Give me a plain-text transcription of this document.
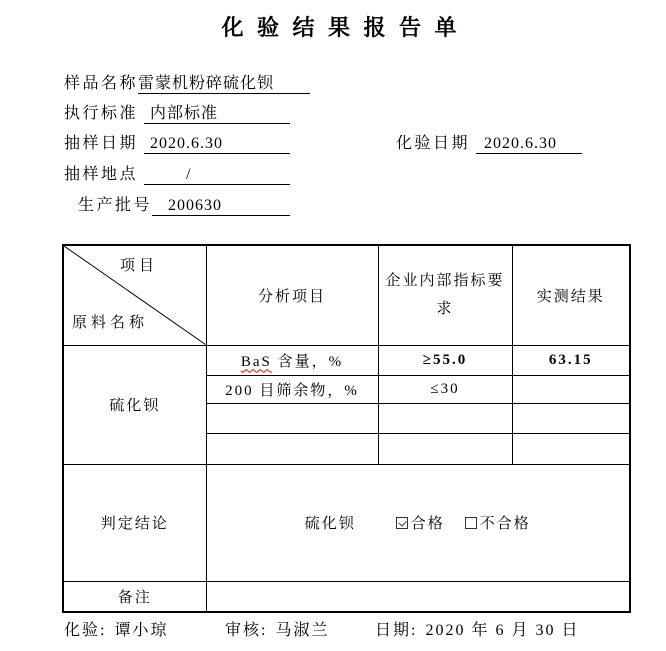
化 验 结 果 报 告 单
样品名称雷蒙机粉碎硫化钡
执行标准 内部标准
抽样日期 2020.6.30	化验日期 2020.6.30
抽样地点	/
生产批号 200630
项目
原料名称	分析项目	企业内部指标要求	实测结果
硫化钡	BaS 含量，%	≥55.0	63.15
	200 目筛余物，%	≤30	

判定结论	硫化钡 合格 不合格		

备注			
化验: 谭小琼	审核: 马淑兰	日期: 2020 年 6 月 30 日
